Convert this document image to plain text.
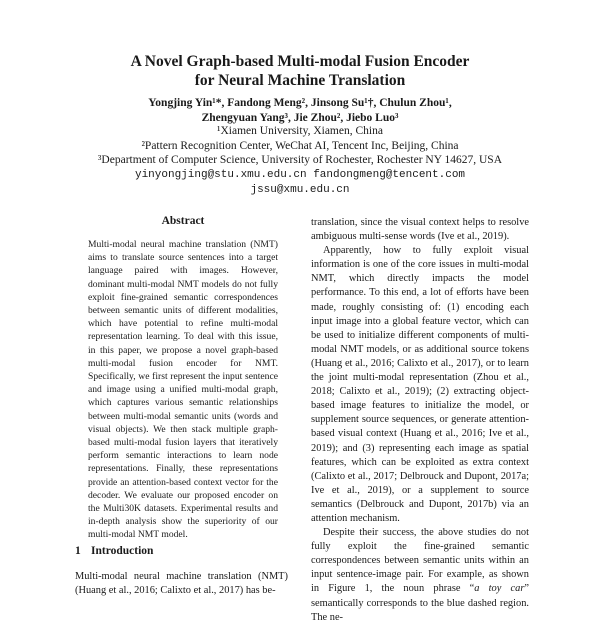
A Novel Graph-based Multi-modal Fusion Encoder
for Neural Machine Translation
Yongjing Yin¹*, Fandong Meng², Jinsong Su¹†, Chulun Zhou¹,
Zhengyuan Yang³, Jie Zhou², Jiebo Luo³
¹Xiamen University, Xiamen, China
²Pattern Recognition Center, WeChat AI, Tencent Inc, Beijing, China
³Department of Computer Science, University of Rochester, Rochester NY 14627, USA
yinyongjing@stu.xmu.edu.cn fandongmeng@tencent.com
jssu@xmu.edu.cn
Abstract

Multi-modal neural machine translation (NMT) aims to translate source sentences into a target language paired with images. However, dominant multi-modal NMT models do not fully exploit fine-grained semantic correspondences between semantic units of different modalities, which have potential to refine multi-modal representation learning. To deal with this issue, in this paper, we propose a novel graph-based multi-modal fusion encoder for NMT. Specifically, we first represent the input sentence and image using a unified multi-modal graph, which captures various semantic relationships between multi-modal semantic units (words and visual objects). We then stack multiple graph-based multi-modal fusion layers that iteratively perform semantic interactions to learn node representations. Finally, these representations provide an attention-based context vector for the decoder. We evaluate our proposed encoder on the Multi30K datasets. Experimental results and in-depth analysis show the superiority of our multi-modal NMT model.

1 Introduction

Multi-modal neural machine translation (NMT) (Huang et al., 2016; Calixto et al., 2017) has be-

translation, since the visual context helps to resolve ambiguous multi-sense words (Ive et al., 2019).

Apparently, how to fully exploit visual information is one of the core issues in multi-modal NMT, which directly impacts the model performance. To this end, a lot of efforts have been made, roughly consisting of: (1) encoding each input image into a global feature vector, which can be used to initialize different components of multi-modal NMT models, or as additional source tokens (Huang et al., 2016; Calixto et al., 2017), or to learn the joint multi-modal representation (Zhou et al., 2018; Calixto et al., 2019); (2) extracting object-based image features to initialize the model, or supplement source sequences, or generate attention-based visual context (Huang et al., 2016; Ive et al., 2019); and (3) representing each image as spatial features, which can be exploited as extra context (Calixto et al., 2017; Delbrouck and Dupont, 2017a; Ive et al., 2019), or a supplement to source semantics (Delbrouck and Dupont, 2017b) via an attention mechanism.

Despite their success, the above studies do not fully exploit the fine-grained semantic correspondences between semantic units within an input sentence-image pair. For example, as shown in Figure 1, the noun phrase “a toy car” semantically corresponds to the blue dashed region. The ne-
